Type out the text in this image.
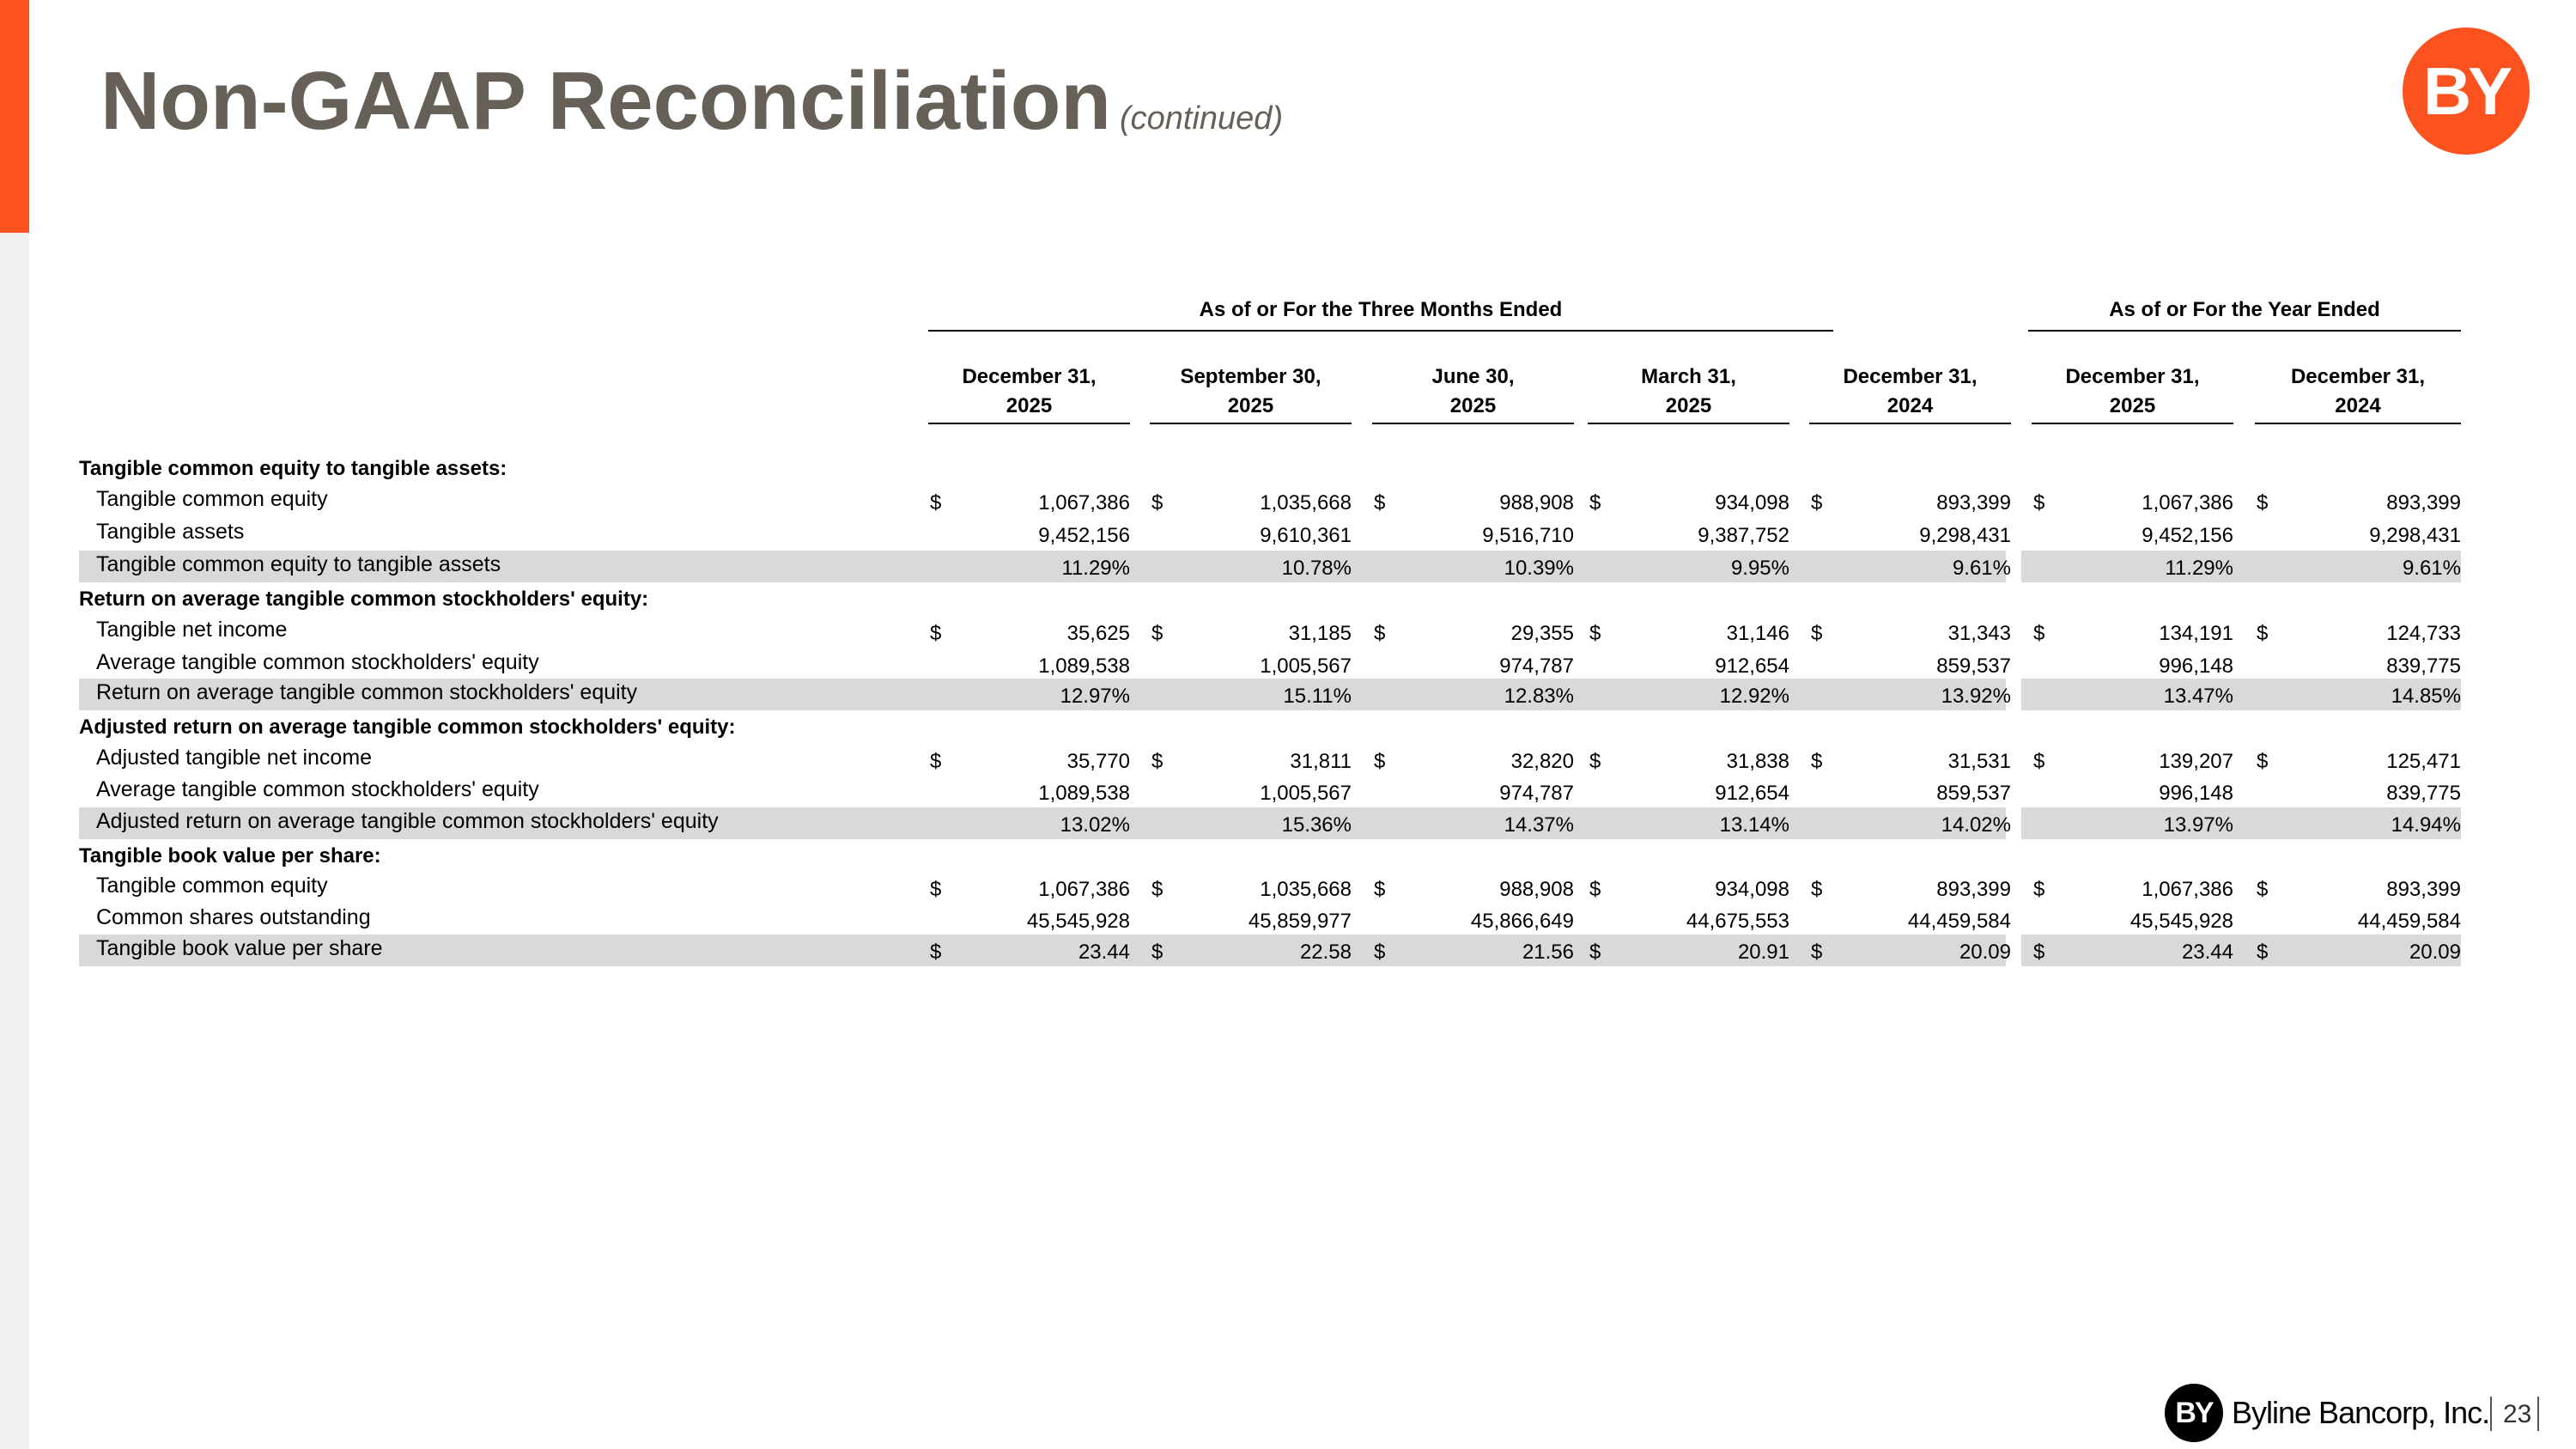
Non-GAAP Reconciliation (continued)	BY
As of or For the Three Months Ended	As of or For the Year Ended
December 31,
2025
September 30,
2025
June 30,
2025
March 31,
2025
December 31,
2024
December 31,
2025
December 31,
2024
Tangible common equity to tangible assets:
Tangible common equity	$	1,067,386 $	1,035,668 $	988,908 $	934,098 $	893,399 $	1,067,386 $	893,399
Tangible assets	9,452,156	9,610,361	9,516,710	9,387,752	9,298,431	9,452,156	9,298,431
Tangible common equity to tangible assets	11.29%	10.78%	10.39%	9.95%	9.61%	11.29%	9.61%
Return on average tangible common stockholders' equity:
Tangible net income	$	35,625 $	31,185 $	29,355 $	31,146 $	31,343 $	134,191 $	124,733
Average tangible common stockholders' equity	1,089,538	1,005,567	974,787	912,654	859,537	996,148	839,775
Return on average tangible common stockholders' equity	12.97%	15.11%	12.83%	12.92%	13.92%	13.47%	14.85%
Adjusted return on average tangible common stockholders' equity:
Adjusted tangible net income	$	35,770 $	31,811 $	32,820 $	31,838 $	31,531 $	139,207 $	125,471
Average tangible common stockholders' equity	1,089,538	1,005,567	974,787	912,654	859,537	996,148	839,775
Adjusted return on average tangible common stockholders' equity	13.02%	15.36%	14.37%	13.14%	14.02%	13.97%	14.94%
Tangible book value per share:
Tangible common equity	$	1,067,386 $	1,035,668 $	988,908 $	934,098 $	893,399 $	1,067,386 $	893,399
Common shares outstanding	45,545,928	45,859,977	45,866,649	44,675,553	44,459,584	45,545,928	44,459,584
Tangible book value per share	$	23.44 $	22.58 $	21.56 $	20.91 $	20.09 $	23.44 $	20.09
BY Byline Bancorp, Inc. 23
